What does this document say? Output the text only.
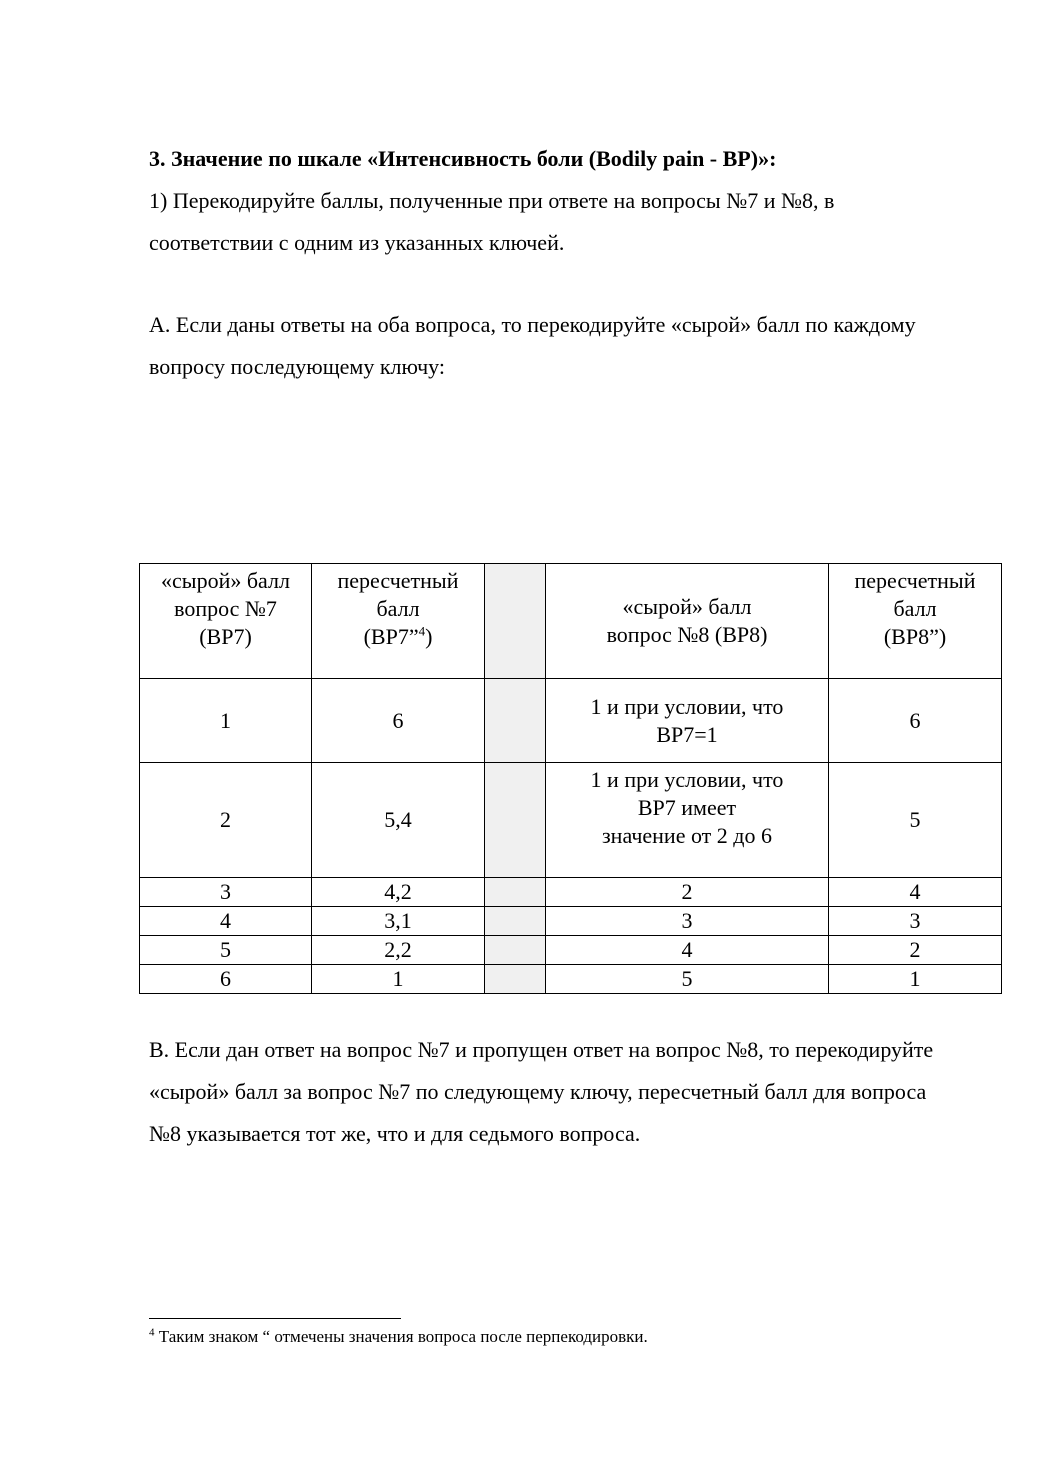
3. Значение по шкале «Интенсивность боли (Bodily pain - BP)»:

1) Перекодируйте баллы, полученные при ответе на вопросы №7 и №8, в соответствии с одним из указанных ключей.

А. Если даны ответы на оба вопроса, то перекодируйте «сырой» балл по каждому вопросу последующему ключу:

«сырой» балл
вопрос №7
(ВР7)	пересчетный
балл
(ВР7”$^4$)		«сырой» балл
вопрос №8 (ВР8)	пересчетный
балл
(ВР8”)

1	6		1 и при условии, что
ВР7=1	6
2	5,4		1 и при условии, что
ВР7 имеет
значение от 2 до 6	5
3	4,2		2	4
4	3,1		3	3
5	2,2		4	2
6	1		5	1

В. Если дан ответ на вопрос №7 и пропущен ответ на вопрос №8, то перекодируйте «сырой» балл за вопрос №7 по следующему ключу, пересчетный балл для вопроса №8 указывается тот же, что и для седьмого вопроса.

$^4$ Таким знаком “ отмечены значения вопроса после перпекодировки.
